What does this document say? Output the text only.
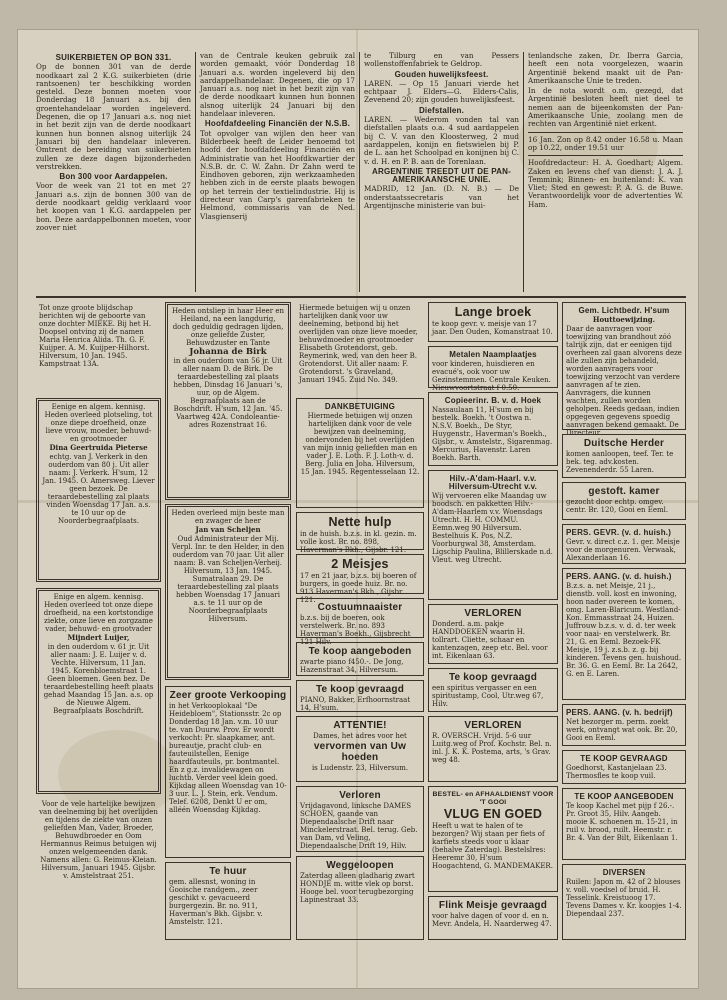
SUIKERBIETEN OP BON 331.

Op de bonnen 301 van de derde noodkaart zal 2 K.G. suikerbieten (drie rantsoenen) ter beschikking worden gesteld. Deze bonnen moeten voor Donderdag 18 Januari a.s. bij den groentehandelaar worden ingeleverd. Degenen, die op 17 Januari a.s. nog niet in het bezit zijn van de derde noodkaart kunnen hun bonnen alsnog uiterlijk 24 Januari bij den handelaar inleveren. Omtrent de bereiding van suikerbieten zullen ze deze dagen bijzonderheden verstrekken.

Bon 300 voor Aardappelen.

Voor de week van 21 tot en met 27 Januari a.s. zijn de bonnen 300 van de derde noodkaart geldig verklaard voor het koopen van 1 K.G. aardappelen per bon. Deze aardappelbonnen moeten, voor zoover niet

van de Centrale keuken gebruik zal worden gemaakt, vóór Donderdag 18 Januari a.s. worden ingeleverd bij den aardappelhandelaar. Degenen, die op 17 Januari a.s. nog niet in het bezit zijn van de derde noodkaart kunnen hun bonnen alsnog uiterlijk 24 Januari bij den handelaar inleveren.

Hoofdafdeeling Financiën der N.S.B.

Tot opvolger van wijlen den heer van Bilderbeek heeft de Leider benoemd tot hoofd der hoofdafdeeling Financiën en Administratie van het Hoofdkwartier der N.S.B. dr. C. W. Zahn. Dr Zahn werd te Eindhoven geboren, zijn werkzaamheden hebben zich in de eerste plaats bewogen op het terrein der textielindustrie. Hij is directeur van Carp's garenfabrieken te Helmond, commissaris van de Ned. Vlasgienserij

te Tilburg en van Pessers wollenstoffenfabriek te Geldrop.

Gouden huwelijksfeest.

LAREN. — Op 15 Januari vierde het echtpaar J. Elders—G. Elders-Calis, Zevenend 20; zijn gouden huwelijksfeest.

Diefstallen.

LAREN. — Wederom vonden tal van diefstallen plaats o.a. 4 sud aardappelen bij C. V. van den Kloosterweg, 2 mud aardappelen, konijn en fietswielen bij P. de L. aan het Schoolpad en konijnen bij C. v. d. H. en P. B. aan de Torenlaan.

ARGENTINIE TREEDT UIT DE PAN-AMERIKAANSCHE UNIE.

MADRID, 12 Jan. (D. N. B.) — De onderstaatssecretaris van het Argentijnsche ministerie van bui-

tenlandsche zaken, Dr. Iberra Garcia, heeft een nota voorgelezen, waarin Argentinië bekend maakt uit de Pan-Amerikaansche Unie te treden.

In de nota wordt o.m. gezegd, dat Argentinië besloten heeft niet deel te nemen aan de bijeenkomsten der Pan-Amerikaansche Unie, zoolang men de rechten van Argentinië niet erkent.

16 Jan. Zon op 8.42 onder 16.58 u. Maan op 10.22, onder 19.51 uur

Hoofdredacteur: H. A. Goedhart; Algem. Zaken en levens chef van dienst: J. A. J. Temmink; Binnen- en buitenland: K. van Vliet; Sted en gewest: P. A. G. de Buwe. Verantwoordelijk voor de advertenties W. Ham.

Tot onze groote blijdschap berichten wij de geboorte van onze dochter MIEKE. Bij het H. Doopsel ontving zij de namen Maria Henrica Alida. Th. G. F. Kuijper. A. M. Kuijper-Hilhorst. Hilversum, 10 Jan. 1945. Kampstraat 13A.

Eenige en algem. kennisg. Heden overleed plotseling, tot onze diepe droefheid, onze lieve vrouw, moeder, behuwd- en grootmoeder

Dina Geertruida Pieterse

echtg. van J. Verkerk in den ouderdom van 80 j. Uit aller naam: J. Verkerk. H'sum, 12 Jan. 1945. O. Amersweg. Liever geen bezoek. De teraardebestelling zal plaats vinden Woensdag 17 Jan. a.s. te 10 uur op de Noorderbegraafplaats.

Enige en algem. kennisg. Heden overleed tot onze diepe droefheid, na een kortstondige ziekte, onze lieve en zorgzame vader, behuwd- en grootvader

Mijndert Luijer,

in den ouderdom v. 61 jr. Uit aller naam: J. E. Luijer v. d. Vechte. Hilversum, 11 Jan. 1945. Korenbloemstraat 1. Geen bloemen. Geen bez. De teraardebestelling heeft plaats gehad Maandag 15 Jan. a.s. op de Nieuwe Algem. Begraafplaats Boschdrift.

Voor de vele hartelijke bewijzen van deelneming bij het overlijden en tijdens de ziekte van onzen geliefden Man, Vader, Broeder, Behuwdbroeder en Oom Hermannus Reimus betuigen wij onzen welgemeenden dank. Namens allen: G. Reimus-Kleian. Hilversum, Januari 1945. Gijsbr. v. Amstelstraat 251.

Heden ontsliep in haar Heer en Heiland, na een langdurig, doch geduldig gedragen lijden, onze geliefde Zuster, Behuwdzuster en Tante

Johanna de Birk

in den ouderdom van 56 jr. Uit aller naam D. de Birk. De teraardebestelling zal plaats hebben, Dinsdag 16 Januari 's, uur, op de Algem. Begraafplaats aan de Boschdrift. H'sum, 12 Jan. '45. Vaartweg 42A. Condoleantie-adres Rozenstraat 16.

Heden overleed mijn beste man en zwager de heer

Jan van Scheljen

Oud Administrateur der Mij. Verpl. Inr. te den Helder, in den ouderdom van 70 jaar. Uit aller naam: B. van Scheljen-Verheij. Hilversum, 13 Jan. 1945. Sumatralaan 29. De teraardebestelling zal plaats hebben Woensdag 17 Januari a.s. te 11 uur op de Noorderbegraafplaats Hilversum.

Zeer groote Verkooping

in het Verkooplokaal "De Heidebloem", Stationsstr. 2c op Donderdag 18 Jan. v.m. 10 uur te. van Duurw. Prov. Er wordt verkocht: Pr. slaapkamer, ant. bureautje, pracht club- en fauteuilstellen, Eenige haardfauteuils, pr. bontmantel. En z g.z. invalidewagen on luchtb. Verder veel klein goed. Kijkdag alleen Woensdag van 10-3 uur. L. J. Stein, erk. Vendum. Telef. 6208, Denkt U er om, alléén Woensdag Kijkdag.

Te huur

gem. allesnst, woning in Gooische randgem., zeer geschikt v. gevacueerd burgergezin. Br. no. 911, Haverman's Bkh. Gijsbr. v. Amstelstr. 121.

Hiermede betuigen wij u onzen hartelijken dank voor uw deelneming, betoond bij het overlijden van onze lieve moeder, behuwdmoeder en grootmoeder Elisabeth Grotendorst, geb. Reymerink, wed. van den heer B. Grotendorst. Uit aller naam: F. Grotendorst. 's Graveland, Januari 1945. Zuid No. 349.

DANKBETUIGING

Hiermede betuigen wij onzen hartelijken dank voor de vele bewijzen van deelneming, ondervonden bij het overlijden van mijn innig geliefden man en vader J. E. Loth. F. J. Loth-v. d. Berg. Julia en Joha. Hilversum, 15 Jan. 1945. Regentesselaan 12.

Nette hulp

in de huish. b.z.s. in kl. gezin. m. volle kost. Br. no. 898, Haverman's Bkh., Gijsbr. 121.

2 Meisjes

17 en 21 jaar, b.z.s. bij boeren of burgers, in goede huiz. Br. no. 913 Haverman's Bkh., Gijsbr. 121.

Costuumnaaister

b.z.s. bij de boeren, ook verstelwerk. Br. no. 893 Haverman's Boekh., Gijsbrecht 121 Hilv.

Te koop aangeboden

zwarte piano f450.-. De Jong, Hazenstraat 34, Hilversum.

Te koop gevraagd

PIANO, Bakker, Erfhoornstraat 14, H'sum.

ATTENTIE!

Dames, het adres voor het

vervormen van Uw hoeden

is Ludenstr. 23, Hilversum.

Verloren

Vrijdagavond, linksche DAMES SCHOEN, gaande van Diependaalsche Drift naar Minckelerstraat. Bel. terug. Geb. van Dam, vd Veling, Diependaalsche Drift 19, Hilv.

Weggeloopen

Zaterdag alleen gladharig zwart HONDJE m. witte vlek op borst. Hooge bel. voor terugbezorging Lapinestraat 33.

Lange broek

te koop gevr. v. meisje van 17 jaar. Den Ouden, Komanstraat 10.

Metalen Naamplaatjes

voor kinderen, huisdieren en evacué's, ook voor uw Gezinstemmen. Centrale Keuken. Nieuwvoortstraat f 0.50.

Copieerinr. B. v. d. Hoek

Nassaulaan 11, H'sum en bij bestelk. Boekh. 't Oostwa n. N.S.V. Boekh., De Styr, Huygenstr., Haverman's Boekh., Gijsbr., v. Amstelstr., Sigarenmag. Mercurius, Havenstr. Laren Boekh. Barth.

Hilv.-A'dam-Haarl. v.v. Hilversum-Utrecht v.v.

Wij vervoeren elke Maandag uw boodsch. en pakketten Hilv.-A'dam-Haarlem v.v. Woensdags Utrecht. H. H. COMMU. Eemn.weg 90 Hilversum. Bestelhuis K. Pos, N.Z. Voorburgwal 38, Amsterdam. Ligschip Paulina, Blillerskade n.d. Vleut. weg Utrecht.

VERLOREN

Donderd. a.m. pakje HANDDOEKEN waarin H. tollrart. Cliette, schaar en kantenzagen, zeep etc. Bel. voor int. Eikenlaan 63.

Te koop gevraagd

een spiritus vergasser en een spiritustamp, Cool, Utr.weg 67, Hilv.

VERLOREN

R. OVERSCH. Vrijd. 5-6 uur Luitg.weg of Prof. Kochstr. Bel. n. inl. J. K. K. Postema, arts, 's Grav. weg 48.

BESTEL- en AFHAALDIENST VOOR 'T GOOI
VLUG EN GOED

Heeft u wat te halen of te bezorgen? Wij staan per fiets of karfiets steeds voor u klaar (behalve Zaterdag). Bestelslres: Heeremr 30, H'sum Hoogachtend, G. MANDEMAKER.

Flink Meisje gevraagd

voor halve dagen of voor d. en n. Mevr. Andela, H. Naarderweg 47.

Gem. Lichtbedr. H'sum

Houttoewijzing.

Daar de aanvragen voor toewijzing van brandhout zóó talrijk zijn, dat er eenigen tijd overheen zal gaan alvorens deze alle zullen zijn behandeld, worden aanvragers voor toewijzing verzocht van verdere aanvragen af te zien. Aanvragers, die kunnen wachten, zullen worden geholpen. Reeds gedaan, indien opgegeven gegevens spoedig aanvragen bekend gemaakt. De Directeur.

Duitsche Herder

komen aanloopen, teef. Ter. te bek. teg. adv.kosten. Zevenenderdr. 55 Laren.

gestoft. kamer

gezocht door echtp. omgev. centr. Br. 120, Gooi en Eeml.

PERS. GEVR. (v. d. huish.)

Gevr. v. direct c.z. 1. ger. Meisje voor de morgenuren. Verwaak, Alexanderlaan 16.

PERS. AANG. (v. d. huish.)

B.z.s. a. net Meisje, 21 j., dienstb. voll. kost en inwoning, hoon nader overeen te komen, omg. Laren-Blaricum. Westland-Kon. Emmasstraat 24, Huizen. Juffrouw b.z.s. v. d. d. ter week voor naai- en verstelwerk. Br. 21, G. en Eeml. Bezoek-FK Meisje, 19 j. z.s.b. z. g. bij kinderen. Tevens gen. huishoud. Br. 36. G. en Eeml. Br. La 2642, G. en E. Laren.

PERS. AANG. (v. h. bedrijf)

Net bezorger m. perm. zoekt werk, ontvangt wat ook. Br. 20, Gooi en Eeml.

TE KOOP GEVRAAGD

Goedhorst, Kastanjelaan 23. Thermosfles te koop vuil.

TE KOOP AANGEBODEN

Te koop Kachel met pijp f 26.-. Pr. Groot 35, Hilv. Aangeb. mooie K. schoenen m. 15-21, in ruil v. brood, ruilt. Heemstr. r. Br. 4. Van der Bilt, Eikenlaan 1.

DIVERSEN

Ruilen: Japon m. 42 of 2 blouses v. voll. voedsel of bruid. H. Tesselink. Kreistuoog 17. Tevens Dames v. Kr. koopjes 1-4. Diependaal 237.
